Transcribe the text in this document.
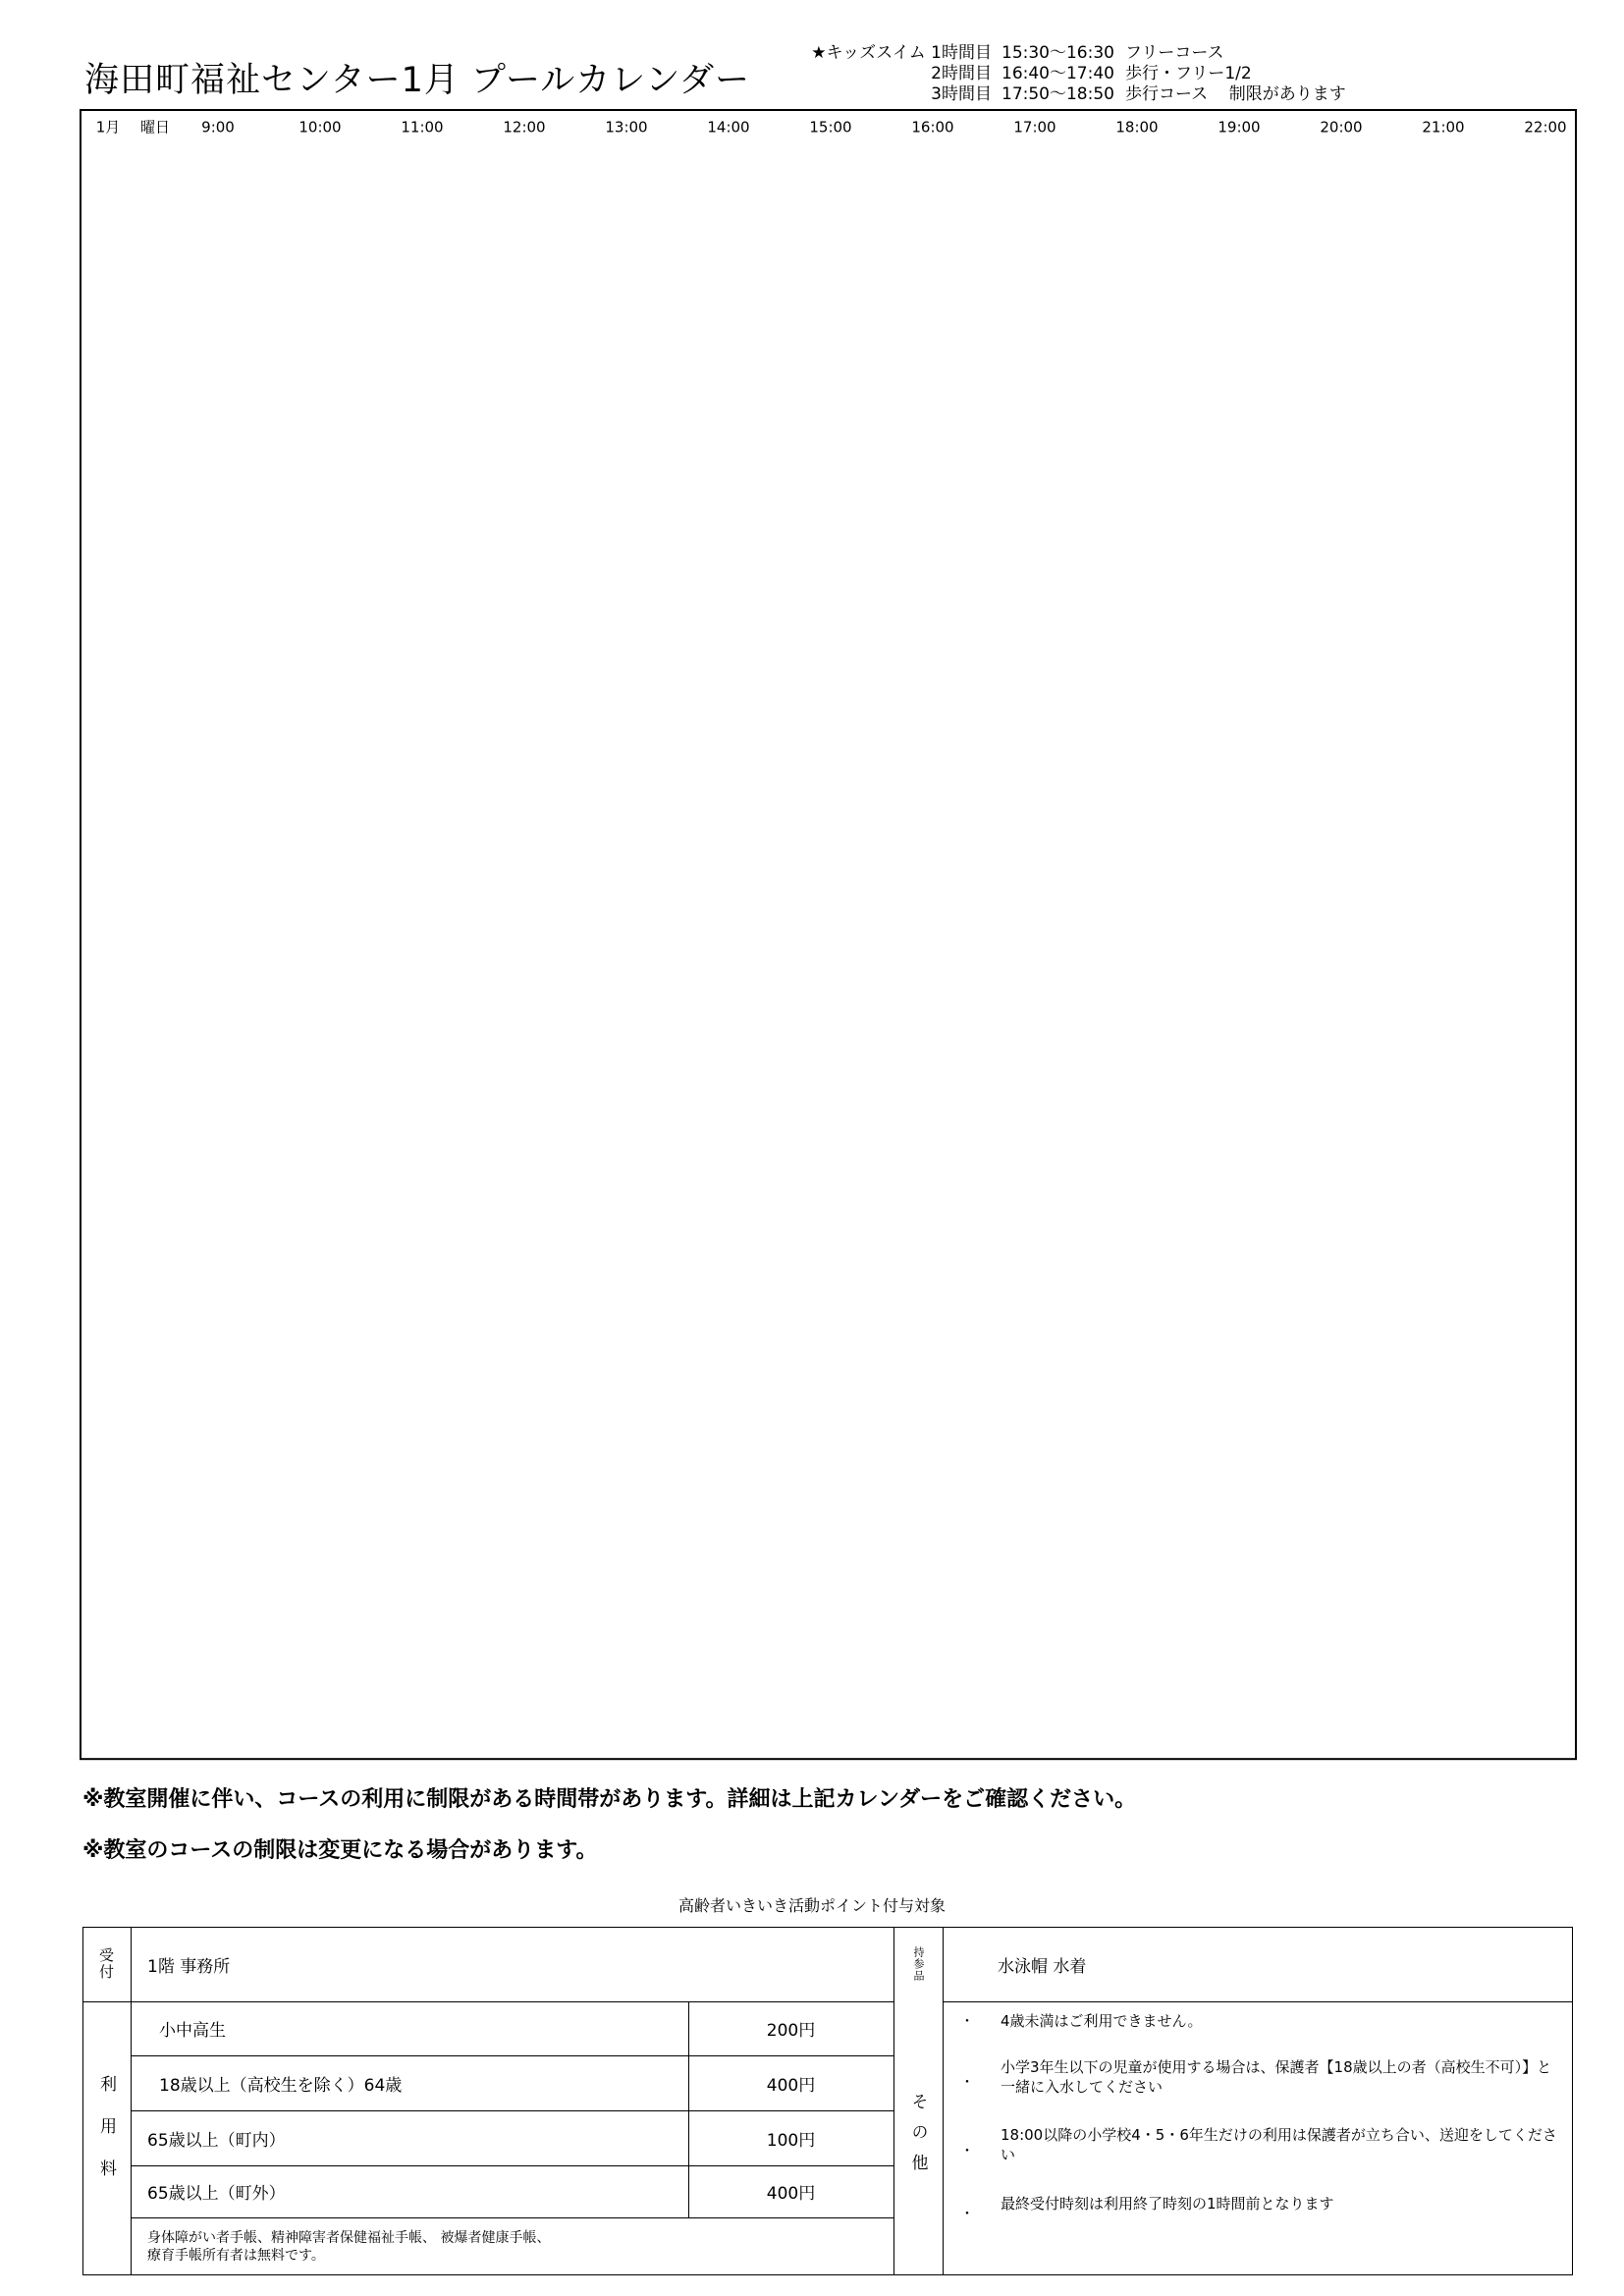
海田町福祉センター1月 プールカレンダー
★キッズスイム 1時間目 15:30〜16:30 フリーコース
2時間目 16:40〜17:40 歩行・フリー1/2
3時間目 17:50〜18:50 歩行コース    制限があります
1月 曜日 9:00	10:00	11:00	12:00	13:00	14:00	15:00	16:00	17:00	18:00	19:00	20:00	21:00	22:00
※教室開催に伴い、コースの利用に制限がある時間帯があります。詳細は上記カレンダーをご確認ください。
※教室のコースの制限は変更になる場合があります。
高齢者いきいき活動ポイント付与対象
受付	1階 事務所	持参品	水泳帽 水着
利用料
小中高生	200円
18歳以上（高校生を除く）64歳	400円
65歳以上（町内）	100円
65歳以上（町外）	400円
身体障がい者手帳、精神障害者保健福祉手帳、 被爆者健康手帳、
療育手帳所有者は無料です。
その他
・	4歳未満はご利用できません。
・
小学3年生以下の児童が使用する場合は、保護者【18歳以上の者（高校生不可）】と一緒に入水してください
・
18:00以降の小学校4・5・6年生だけの利用は保護者が立ち合い、送迎をしてください
・
最終受付時刻は利用終了時刻の1時間前となります
